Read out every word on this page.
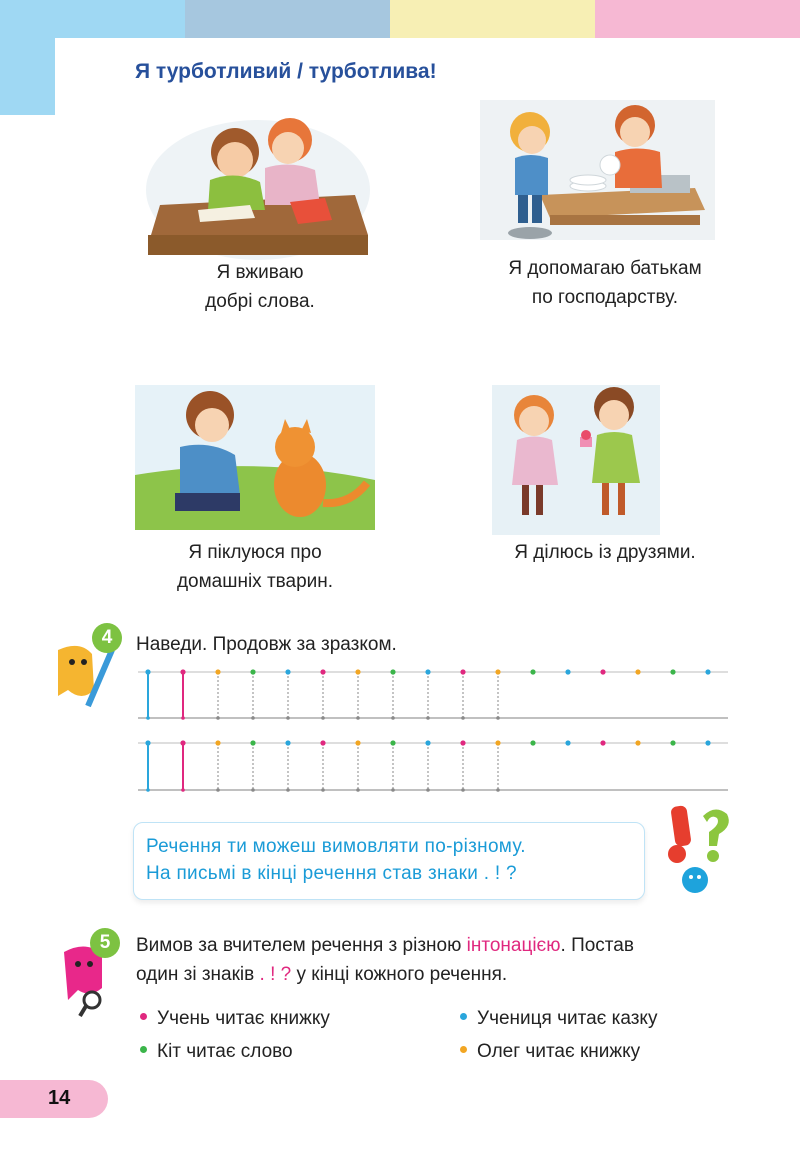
Я турботливий / турботлива!
Я вживаю
добрі слова.
Я допомагаю батькам
по господарству.
Я піклуюся про
домашніх тварин.
Я ділюсь із друзями.
4	Наведи. Продовж за зразком.
Речення ти можеш вимовляти по-різному.
На письмі в кінці речення став знаки . ! ?
5	Вимов за вчителем речення з різною інтонацією. Постав
один зі знаків . ! ? у кінці кожного речення.
Учень читає книжку	Учениця читає казку
Кіт читає слово	Олег читає книжку
14
